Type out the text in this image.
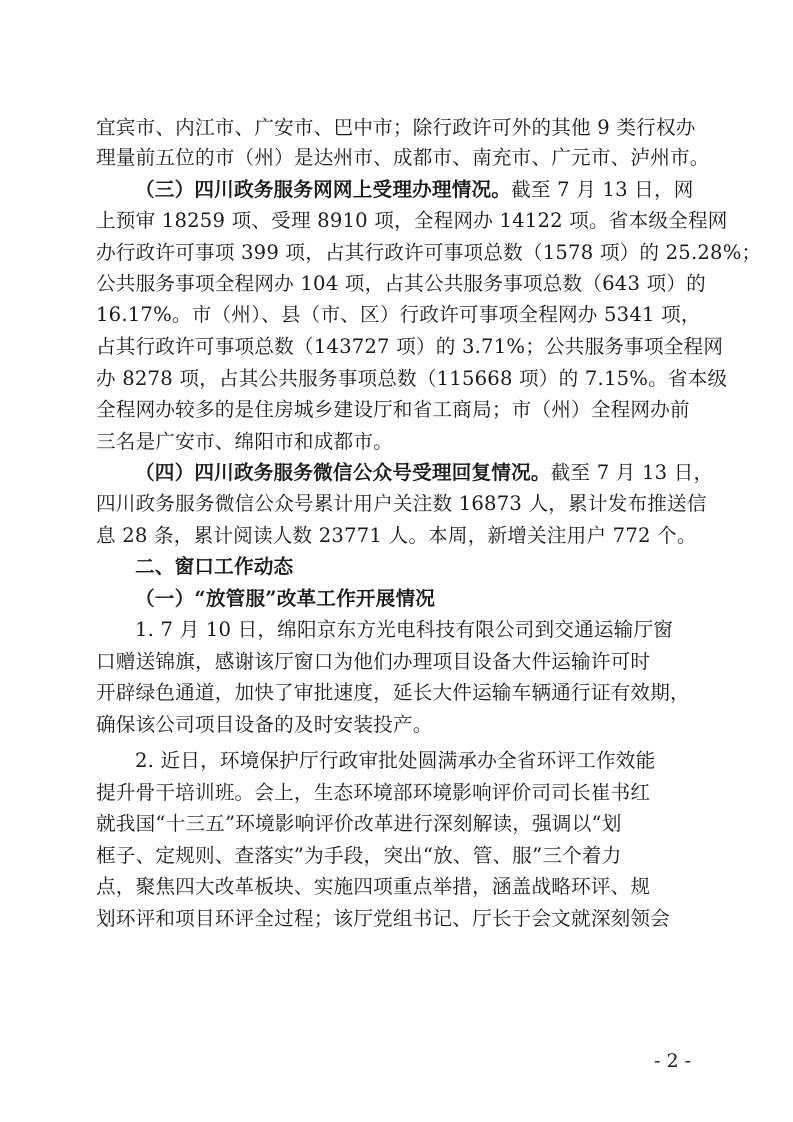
宜宾市、内江市、广安市、巴中市；除行政许可外的其他 9 类行权办
理量前五位的市（州）是达州市、成都市、南充市、广元市、泸州市。
（三）四川政务服务网网上受理办理情况。截至 7 月 13 日，网
上预审 18259 项、受理 8910 项，全程网办 14122 项。省本级全程网
办行政许可事项 399 项，占其行政许可事项总数（1578 项）的 25.28%；
公共服务事项全程网办 104 项，占其公共服务事项总数（643 项）的
16.17%。市（州）、县（市、区）行政许可事项全程网办 5341 项，
占其行政许可事项总数（143727 项）的 3.71%；公共服务事项全程网
办 8278 项，占其公共服务事项总数（115668 项）的 7.15%。省本级
全程网办较多的是住房城乡建设厅和省工商局；市（州）全程网办前
三名是广安市、绵阳市和成都市。
（四）四川政务服务微信公众号受理回复情况。截至 7 月 13 日，
四川政务服务微信公众号累计用户关注数 16873 人，累计发布推送信
息 28 条，累计阅读人数 23771 人。本周，新增关注用户 772 个。
二、窗口工作动态
（一）“放管服”改革工作开展情况
1. 7 月 10 日，绵阳京东方光电科技有限公司到交通运输厅窗
口赠送锦旗，感谢该厅窗口为他们办理项目设备大件运输许可时
开辟绿色通道，加快了审批速度，延长大件运输车辆通行证有效期，
确保该公司项目设备的及时安装投产。
2. 近日，环境保护厅行政审批处圆满承办全省环评工作效能
提升骨干培训班。会上，生态环境部环境影响评价司司长崔书红
就我国“十三五”环境影响评价改革进行深刻解读，强调以“划
框子、定规则、查落实”为手段，突出“放、管、服”三个着力
点，聚焦四大改革板块、实施四项重点举措，涵盖战略环评、规
划环评和项目环评全过程；该厅党组书记、厅长于会文就深刻领会
- 2 -
